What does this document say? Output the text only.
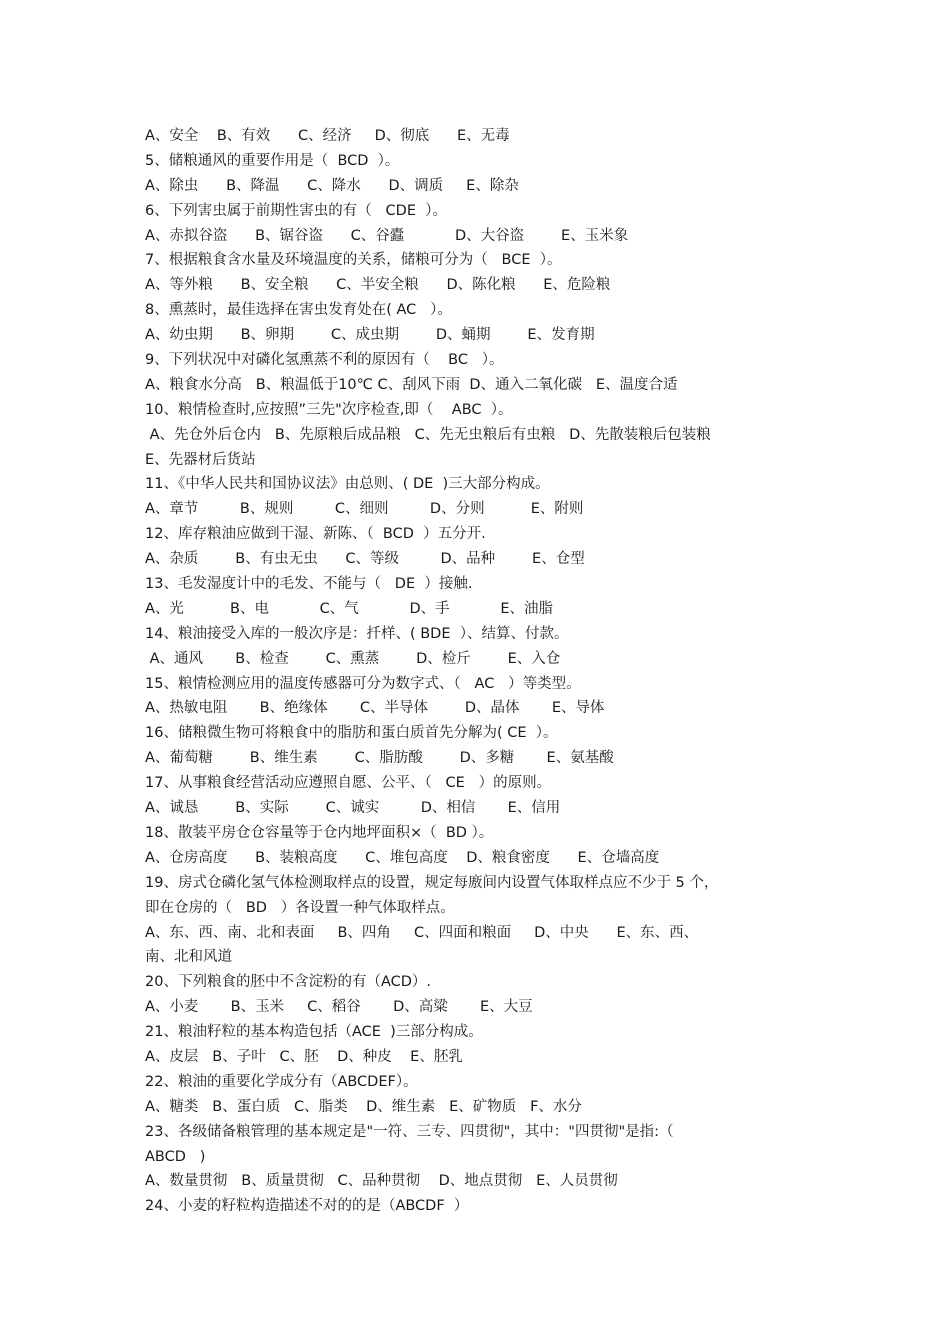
A、安全    B、有效      C、经济     D、彻底      E、无毒
5、储粮通风的重要作用是（  BCD  ）。
A、除虫      B、降温      C、降水      D、调质     E、除杂
6、下列害虫属于前期性害虫的有（   CDE  ）。
A、赤拟谷盗      B、锯谷盗      C、谷蠹           D、大谷盗        E、玉米象
7、根据粮食含水量及环境温度的关系，储粮可分为（   BCE  ）。
A、等外粮      B、安全粮      C、半安全粮      D、陈化粮      E、危险粮
8、熏蒸时，最佳选择在害虫发育处在( AC   ）。
A、幼虫期      B、卵期        C、成虫期        D、蛹期        E、发育期
9、下列状况中对磷化氢熏蒸不利的原因有（    BC   ）。
A、粮食水分高   B、粮温低于10℃ C、刮风下雨  D、通入二氧化碳   E、温度合适
10、粮情检查时,应按照”三先"次序检查,即（    ABC  ）。
A、先仓外后仓内   B、先原粮后成品粮   C、先无虫粮后有虫粮   D、先散装粮后包装粮
E、先器材后货站
11、《中华人民共和国协议法》由总则、( DE  )三大部分构成。
A、章节         B、规则         C、细则         D、分则          E、附则
12、库存粮油应做到干湿、新陈、（  BCD  ）五分开.
A、杂质        B、有虫无虫      C、等级         D、品种        E、仓型
13、毛发湿度计中的毛发、不能与（   DE  ）接触.
A、光          B、电           C、气           D、手           E、油脂
14、粮油接受入库的一般次序是：扦样、( BDE  ）、结算、付款。
A、通风       B、检查        C、熏蒸        D、检斤        E、入仓
15、粮情检测应用的温度传感器可分为数字式、（   AC   ）等类型。
A、热敏电阻       B、绝缘体       C、半导体        D、晶体       E、导体
16、储粮微生物可将粮食中的脂肪和蛋白质首先分解为( CE  ）。
A、葡萄糖        B、维生素        C、脂肪酸        D、多糖       E、氨基酸
17、从事粮食经营活动应遵照自愿、公平、（   CE   ）的原则。
A、诚恳        B、实际        C、诚实         D、相信       E、信用
18、散装平房仓仓容量等于仓内地坪面积×（  BD ）。
A、仓房高度      B、装粮高度      C、堆包高度    D、粮食密度      E、仓墙高度
19、房式仓磷化氢气体检测取样点的设置，规定每廒间内设置气体取样点应不少于 5 个，
即在仓房的（   BD   ）各设置一种气体取样点。
A、东、西、南、北和表面     B、四角     C、四面和粮面     D、中央      E、东、西、
南、北和风道
20、下列粮食的胚中不含淀粉的有（ACD）.
A、小麦       B、玉米     C、稻谷       D、高粱       E、大豆
21、粮油籽粒的基本构造包括（ACE  )三部分构成。
A、皮层   B、子叶   C、胚    D、种皮    E、胚乳
22、粮油的重要化学成分有（ABCDEF）。
A、糖类   B、蛋白质   C、脂类    D、维生素   E、矿物质   F、水分
23、各级储备粮管理的基本规定是"一符、三专、四贯彻"，其中："四贯彻"是指:（
ABCD   )
A、数量贯彻   B、质量贯彻   C、品种贯彻    D、地点贯彻   E、人员贯彻
24、小麦的籽粒构造描述不对的的是（ABCDF  ）
